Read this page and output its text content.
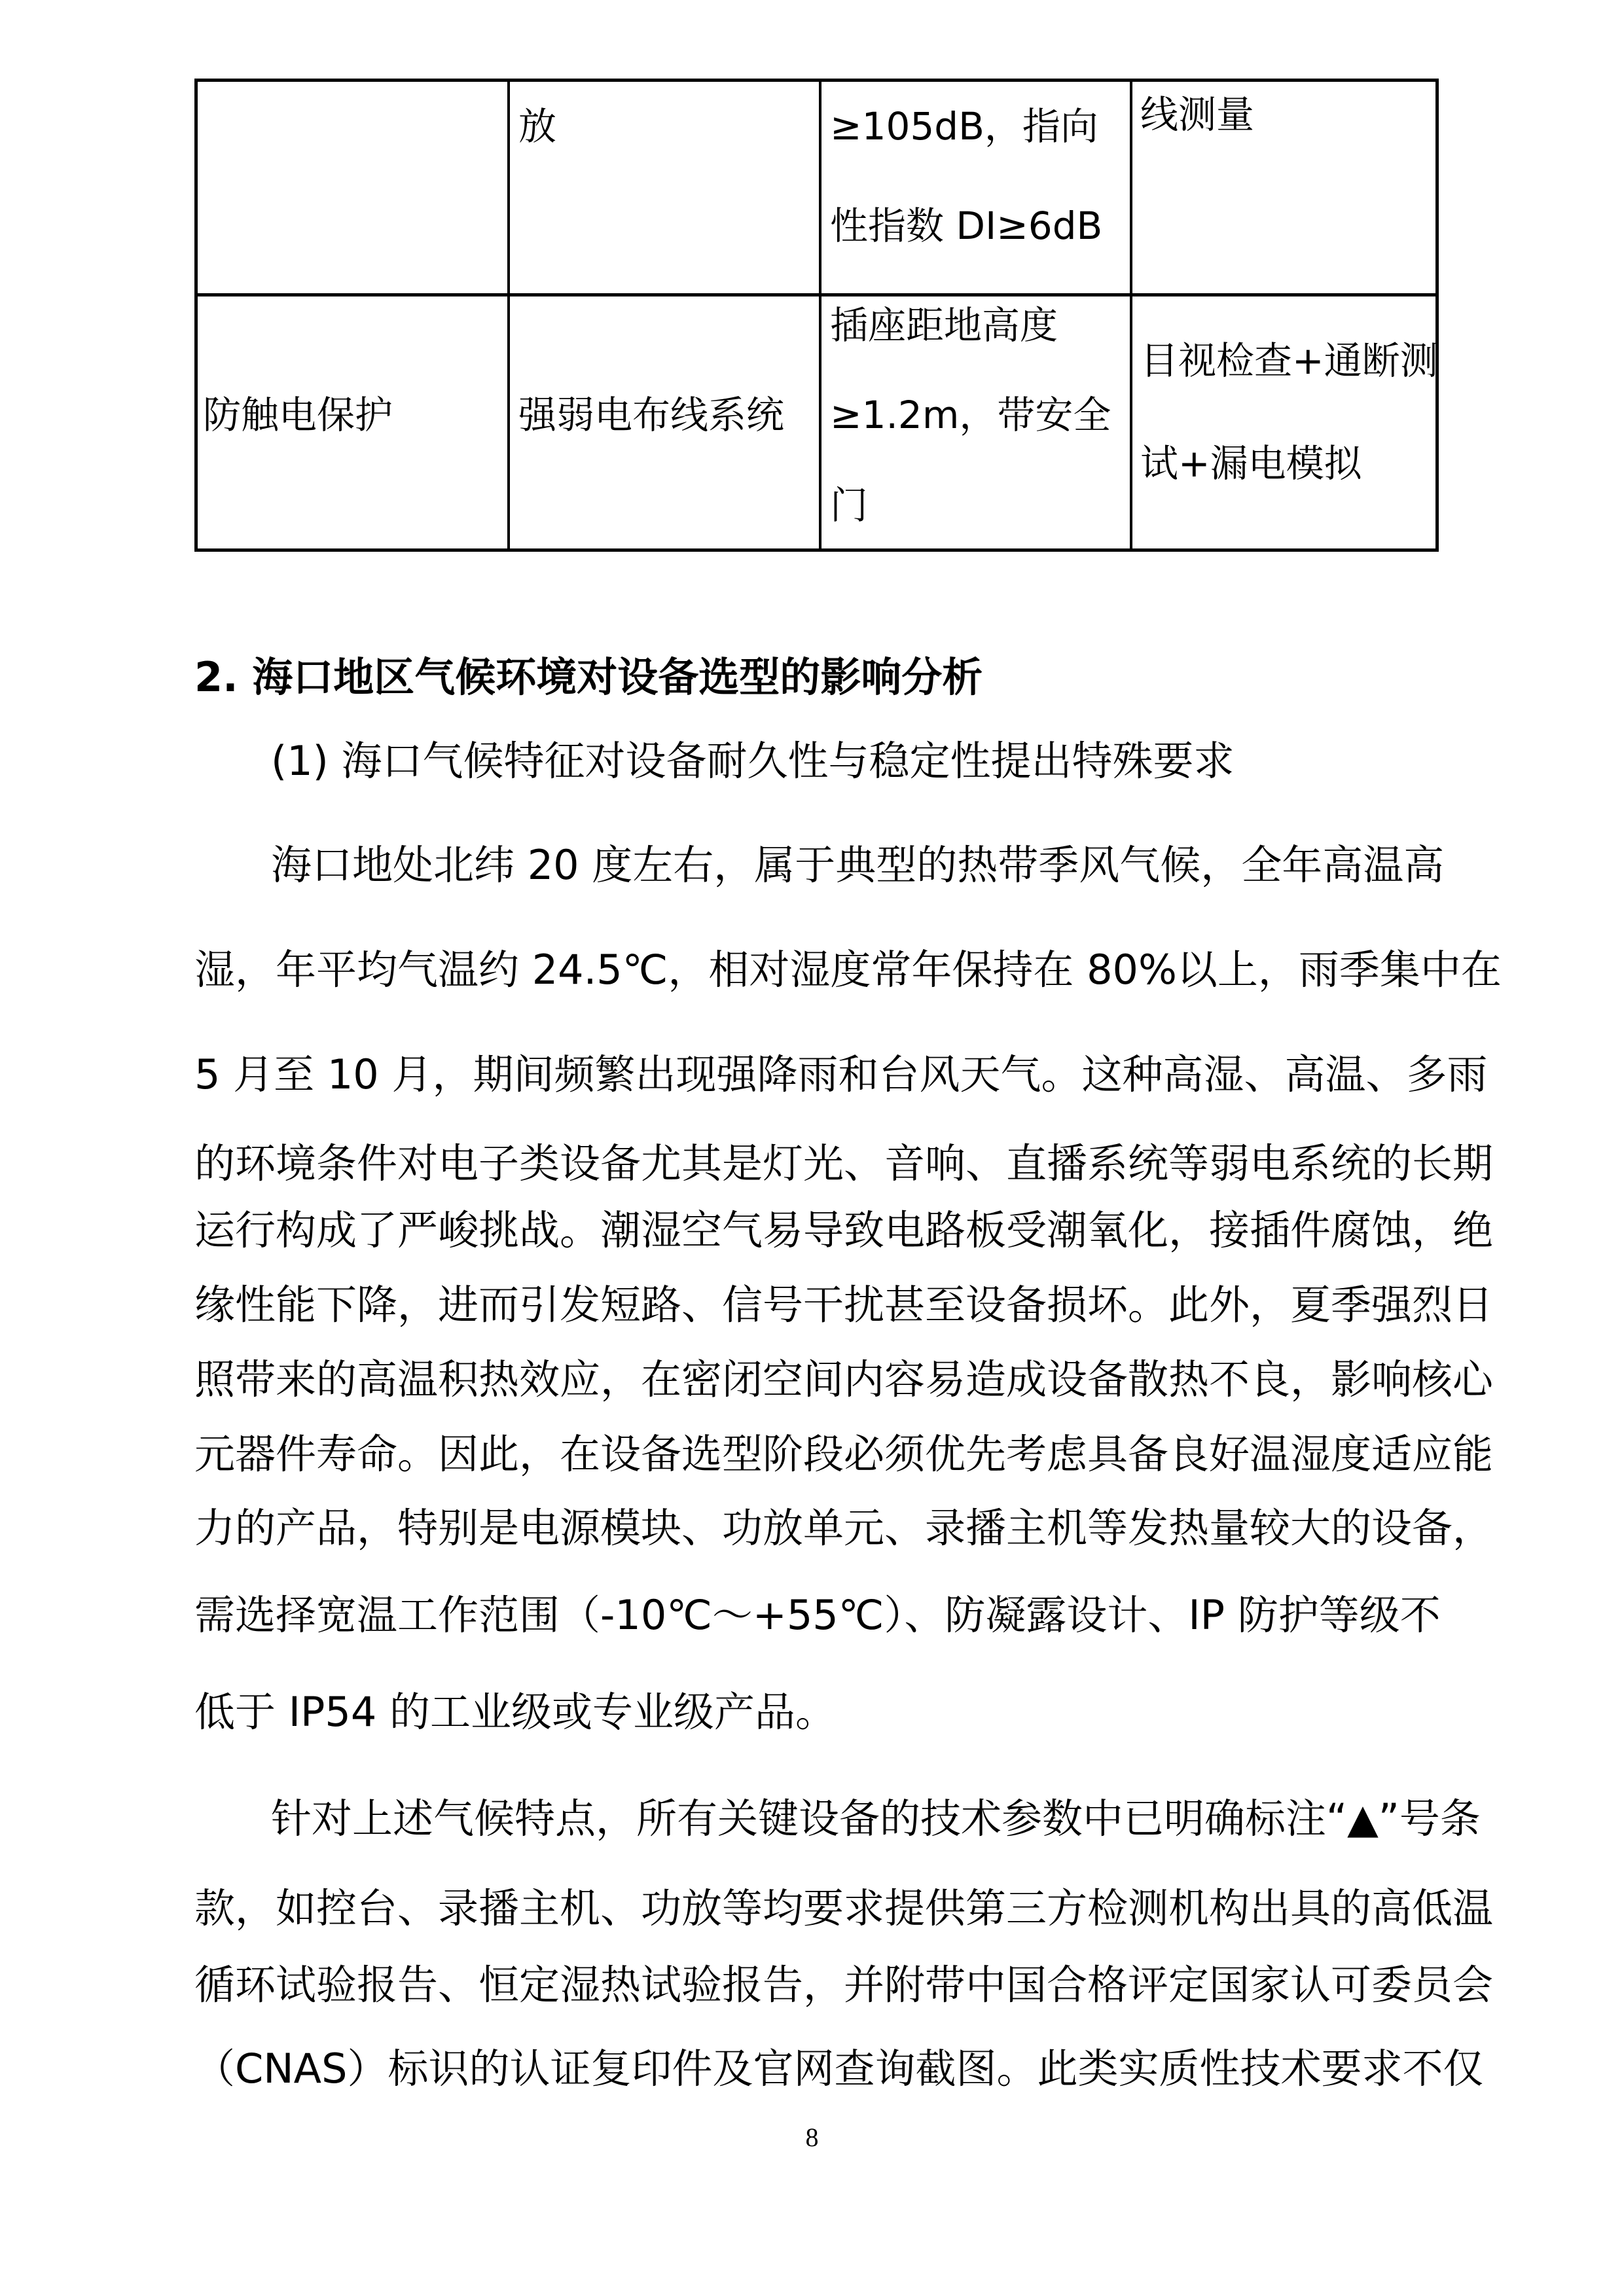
放	≥105dB，指向
性指数 DI≥6dB
线测量
防触电保护	强弱电布线系统
插座距地高度
≥1.2m，带安全
门
目视检查+通断测
试+漏电模拟
2. 海口地区气候环境对设备选型的影响分析
(1) 海口气候特征对设备耐久性与稳定性提出特殊要求
海口地处北纬 20 度左右，属于典型的热带季风气候，全年高温高
湿，年平均气温约 24.5℃，相对湿度常年保持在 80%以上，雨季集中在
5 月至 10 月，期间频繁出现强降雨和台风天气。这种高湿、高温、多雨
的环境条件对电子类设备尤其是灯光、音响、直播系统等弱电系统的长期
运行构成了严峻挑战。潮湿空气易导致电路板受潮氧化，接插件腐蚀，绝
缘性能下降，进而引发短路、信号干扰甚至设备损坏。此外，夏季强烈日
照带来的高温积热效应，在密闭空间内容易造成设备散热不良，影响核心
元器件寿命。因此，在设备选型阶段必须优先考虑具备良好温湿度适应能
力的产品，特别是电源模块、功放单元、录播主机等发热量较大的设备，
需选择宽温工作范围（-10℃～+55℃）、防凝露设计、IP 防护等级不
低于 IP54 的工业级或专业级产品。
针对上述气候特点，所有关键设备的技术参数中已明确标注“▲”号条
款，如控台、录播主机、功放等均要求提供第三方检测机构出具的高低温
循环试验报告、恒定湿热试验报告，并附带中国合格评定国家认可委员会
（CNAS）标识的认证复印件及官网查询截图。此类实质性技术要求不仅
8
